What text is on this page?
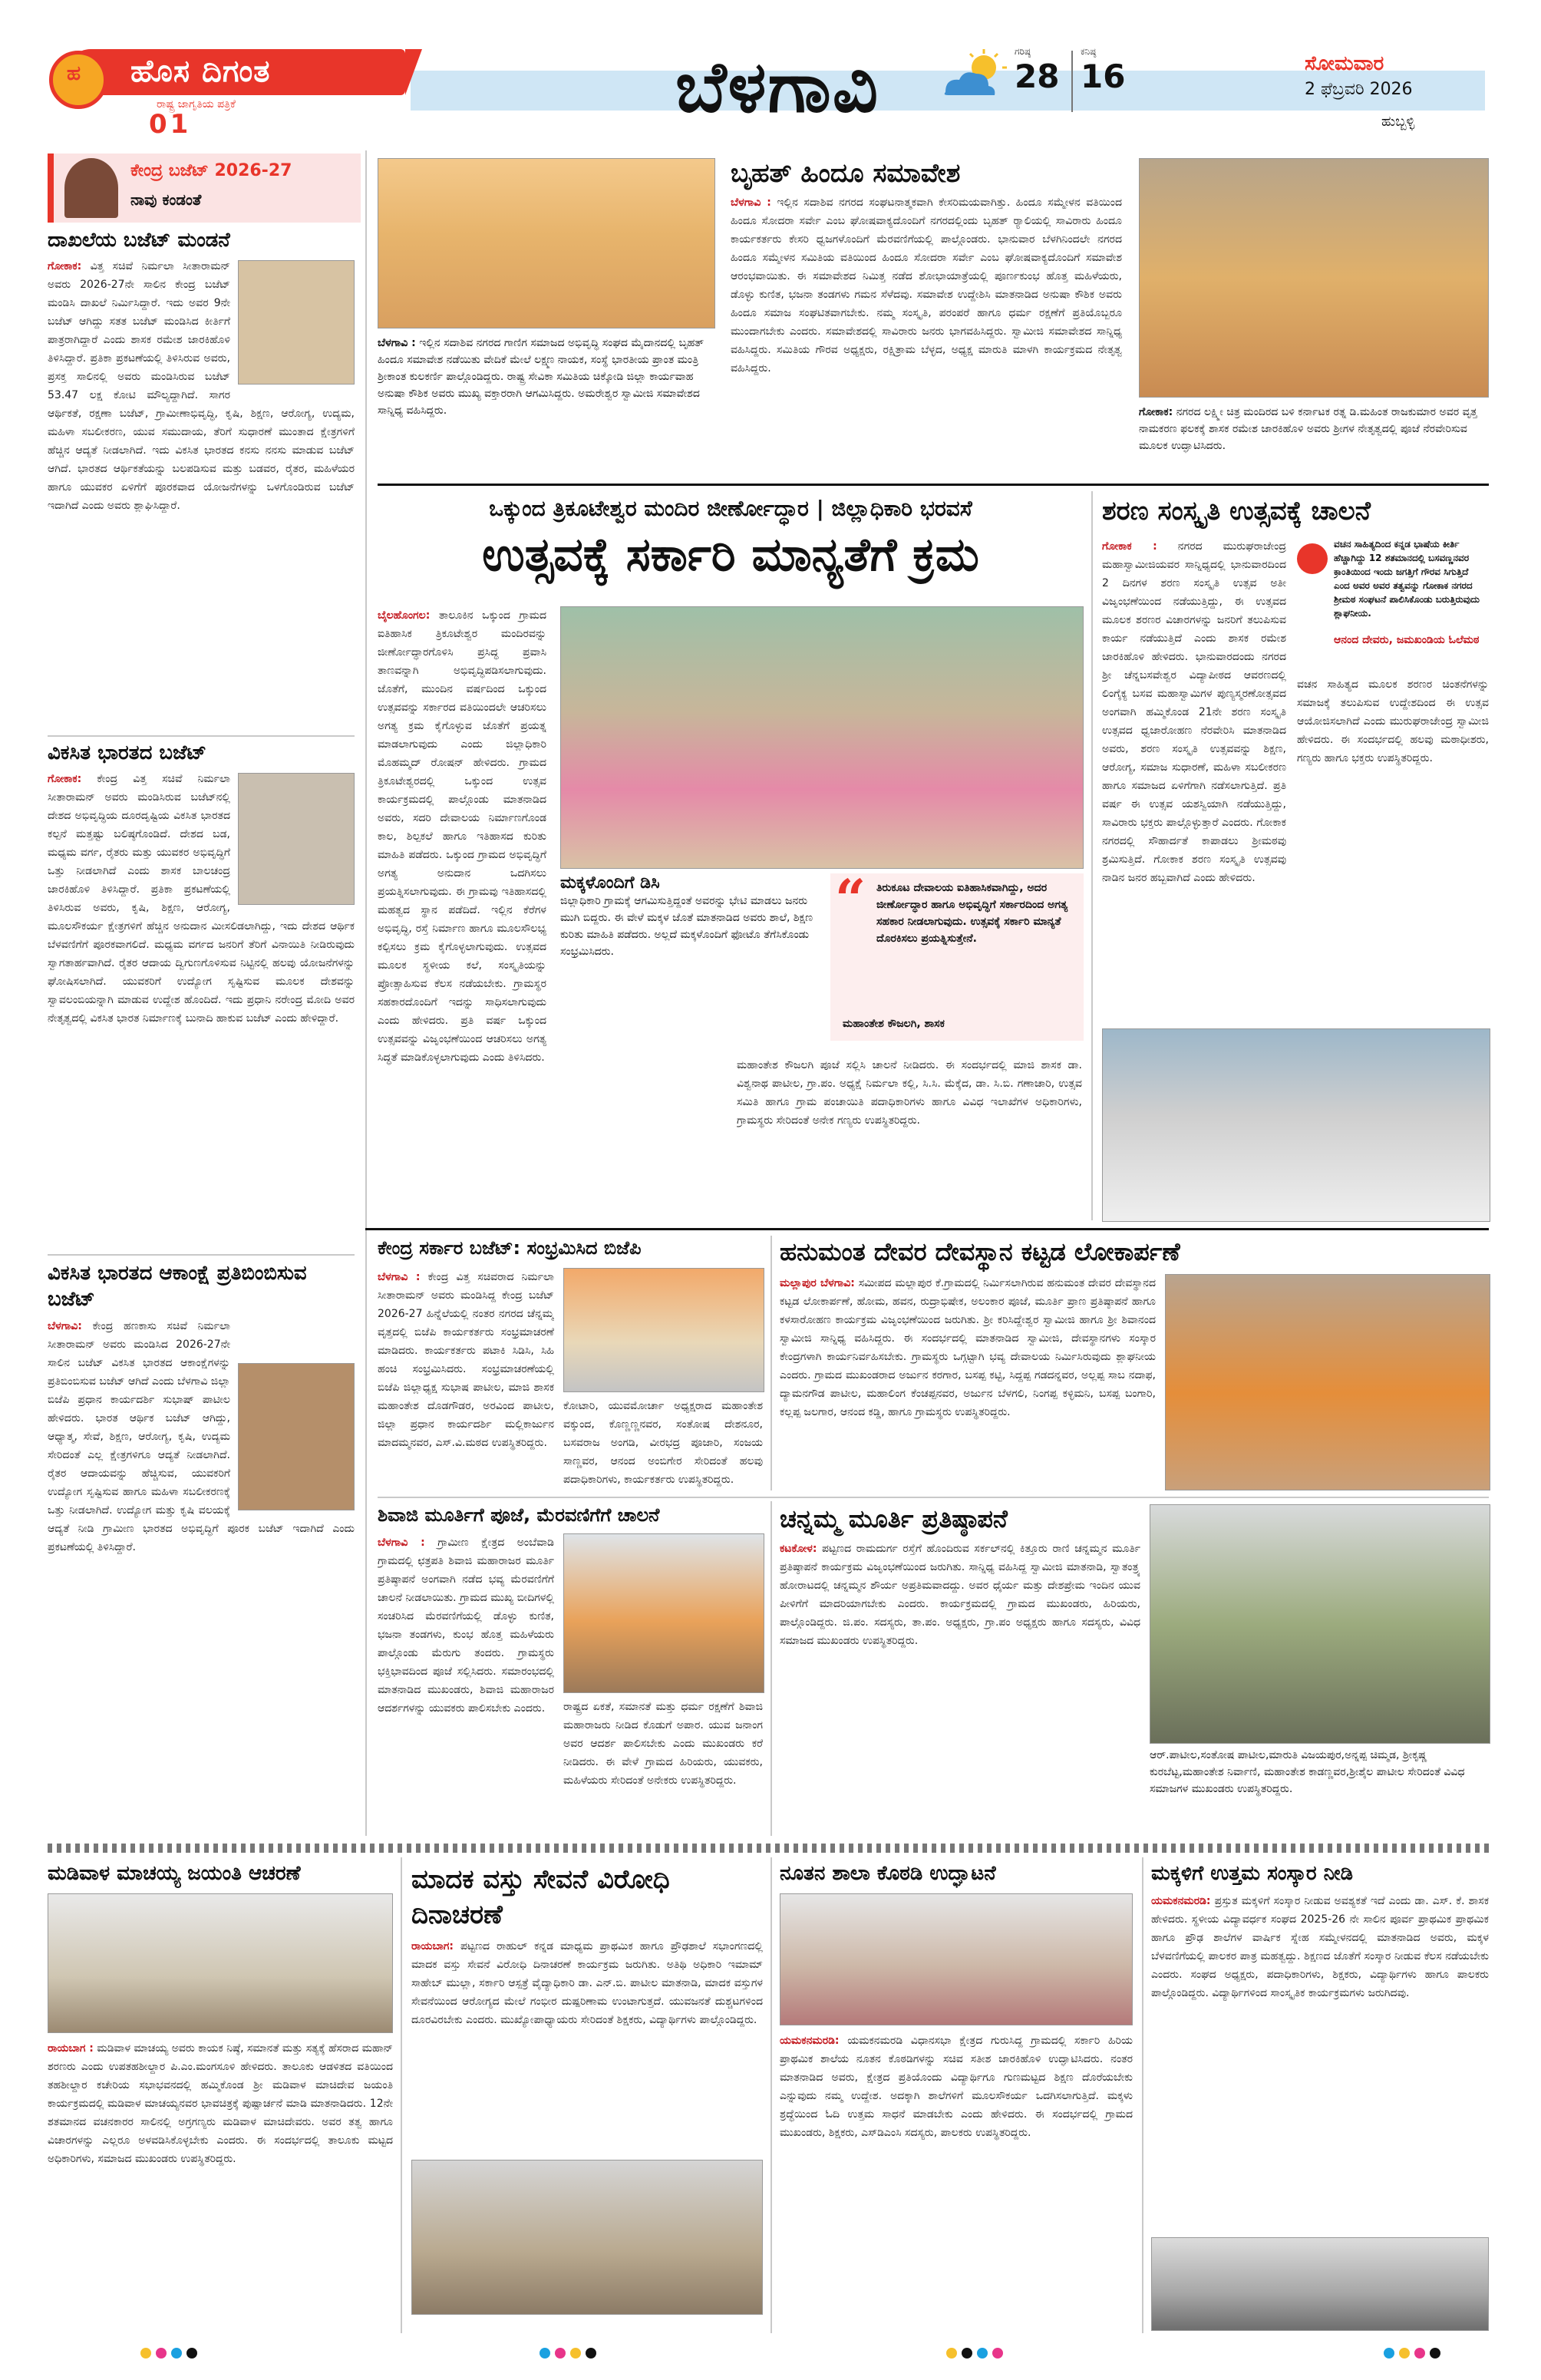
ಹ ಹೊಸ ದಿಗಂತ
ರಾಷ್ಟ್ರ ಜಾಗೃತಿಯ ಪತ್ರಿಕೆ
01	ಬೆಳಗಾವಿ	ಗರಿಷ್ಠ
28
ಕನಿಷ್ಠ
16	ಸೋಮವಾರ
2 ಫೆಬ್ರವರಿ 2026
ಹುಬ್ಬಳ್ಳಿ
ಕೇಂದ್ರ ಬಜೆಟ್ 2026-27
ನಾವು ಕಂಡಂತೆ
ದಾಖಲೆಯ ಬಜೆಟ್ ಮಂಡನೆ
ಗೋಕಾಕ: ವಿತ್ತ ಸಚಿವೆ ನಿರ್ಮಲಾ ಸೀತಾರಾಮನ್ ಅವರು 2026-27ನೇ ಸಾಲಿನ ಕೇಂದ್ರ ಬಜೆಟ್ ಮಂಡಿಸಿ ದಾಖಲೆ ನಿರ್ಮಿಸಿದ್ದಾರೆ. ಇದು ಅವರ 9ನೇ ಬಜೆಟ್ ಆಗಿದ್ದು ಸತತ ಬಜೆಟ್ ಮಂಡಿಸಿದ ಕೀರ್ತಿಗೆ ಪಾತ್ರರಾಗಿದ್ದಾರೆ ಎಂದು ಶಾಸಕ ರಮೇಶ ಜಾರಕಿಹೊಳಿ ತಿಳಿಸಿದ್ದಾರೆ. ಪ್ರತಿಕಾ ಪ್ರಕಟಣೆಯಲ್ಲಿ ತಿಳಿಸಿರುವ ಅವರು, ಪ್ರಸಕ್ತ ಸಾಲಿನಲ್ಲಿ ಅವರು ಮಂಡಿಸಿರುವ ಬಜೆಟ್ 53.47 ಲಕ್ಷ ಕೋಟಿ ಮೌಲ್ಯದ್ದಾಗಿದೆ. ಸಾಗರ ಆರ್ಥಿಕತೆ, ರಕ್ಷಣಾ ಬಜೆಟ್, ಗ್ರಾಮೀಣಾಭಿವೃದ್ಧಿ, ಕೃಷಿ, ಶಿಕ್ಷಣ, ಆರೋಗ್ಯ, ಉದ್ಯಮ, ಮಹಿಳಾ ಸಬಲೀಕರಣ, ಯುವ ಸಮುದಾಯ, ತೆರಿಗೆ ಸುಧಾರಣೆ ಮುಂತಾದ ಕ್ಷೇತ್ರಗಳಿಗೆ ಹೆಚ್ಚಿನ ಆದ್ಯತೆ ನೀಡಲಾಗಿದೆ. ಇದು ವಿಕಸಿತ ಭಾರತದ ಕನಸು ನನಸು ಮಾಡುವ ಬಜೆಟ್ ಆಗಿದೆ. ಭಾರತದ ಆರ್ಥಿಕತೆಯನ್ನು ಬಲಪಡಿಸುವ ಮತ್ತು ಬಡವರ, ರೈತರ, ಮಹಿಳೆಯರ ಹಾಗೂ ಯುವಕರ ಏಳಿಗೆಗೆ ಪೂರಕವಾದ ಯೋಜನೆಗಳನ್ನು ಒಳಗೊಂಡಿರುವ ಬಜೆಟ್ ಇದಾಗಿದೆ ಎಂದು ಅವರು ಶ್ಲಾಘಿಸಿದ್ದಾರೆ.
ವಿಕಸಿತ ಭಾರತದ ಬಜೆಟ್
ಗೋಕಾಕ: ಕೇಂದ್ರ ವಿತ್ತ ಸಚಿವೆ ನಿರ್ಮಲಾ ಸೀತಾರಾಮನ್ ಅವರು ಮಂಡಿಸಿರುವ ಬಜೆಟ್‌ನಲ್ಲಿ ದೇಶದ ಅಭಿವೃದ್ಧಿಯ ದೂರದೃಷ್ಟಿಯ ವಿಕಸಿತ ಭಾರತದ ಕಲ್ಪನೆ ಮತ್ತಷ್ಟು ಬಲಿಷ್ಠಗೊಂಡಿದೆ. ದೇಶದ ಬಡ, ಮಧ್ಯಮ ವರ್ಗ, ರೈತರು ಮತ್ತು ಯುವಕರ ಅಭಿವೃದ್ಧಿಗೆ ಒತ್ತು ನೀಡಲಾಗಿದೆ ಎಂದು ಶಾಸಕ ಬಾಲಚಂದ್ರ ಜಾರಕಿಹೊಳಿ ತಿಳಿಸಿದ್ದಾರೆ. ಪ್ರತಿಕಾ ಪ್ರಕಟಣೆಯಲ್ಲಿ ತಿಳಿಸಿರುವ ಅವರು, ಕೃಷಿ, ಶಿಕ್ಷಣ, ಆರೋಗ್ಯ, ಮೂಲಸೌಕರ್ಯ ಕ್ಷೇತ್ರಗಳಿಗೆ ಹೆಚ್ಚಿನ ಅನುದಾನ ಮೀಸಲಿಡಲಾಗಿದ್ದು, ಇದು ದೇಶದ ಆರ್ಥಿಕ ಬೆಳವಣಿಗೆಗೆ ಪೂರಕವಾಗಲಿದೆ. ಮಧ್ಯಮ ವರ್ಗದ ಜನರಿಗೆ ತೆರಿಗೆ ವಿನಾಯಿತಿ ನೀಡಿರುವುದು ಸ್ವಾಗತಾರ್ಹವಾಗಿದೆ. ರೈತರ ಆದಾಯ ದ್ವಿಗುಣಗೊಳಿಸುವ ನಿಟ್ಟಿನಲ್ಲಿ ಹಲವು ಯೋಜನೆಗಳನ್ನು ಘೋಷಿಸಲಾಗಿದೆ. ಯುವಕರಿಗೆ ಉದ್ಯೋಗ ಸೃಷ್ಟಿಸುವ ಮೂಲಕ ದೇಶವನ್ನು ಸ್ವಾವಲಂಬಿಯನ್ನಾಗಿ ಮಾಡುವ ಉದ್ದೇಶ ಹೊಂದಿದೆ. ಇದು ಪ್ರಧಾನಿ ನರೇಂದ್ರ ಮೋದಿ ಅವರ ನೇತೃತ್ವದಲ್ಲಿ ವಿಕಸಿತ ಭಾರತ ನಿರ್ಮಾಣಕ್ಕೆ ಬುನಾದಿ ಹಾಕುವ ಬಜೆಟ್ ಎಂದು ಹೇಳಿದ್ದಾರೆ.
ವಿಕಸಿತ ಭಾರತದ ಆಕಾಂಕ್ಷೆ ಪ್ರತಿಬಿಂಬಿಸುವ ಬಜೆಟ್
ಬೆಳಗಾವಿ: ಕೇಂದ್ರ ಹಣಕಾಸು ಸಚಿವೆ ನಿರ್ಮಲಾ ಸೀತಾರಾಮನ್ ಅವರು ಮಂಡಿಸಿದ 2026-27ನೇ ಸಾಲಿನ ಬಜೆಟ್ ವಿಕಸಿತ ಭಾರತದ ಆಕಾಂಕ್ಷೆಗಳನ್ನು ಪ್ರತಿಬಿಂಬಿಸುವ ಬಜೆಟ್ ಆಗಿದೆ ಎಂದು ಬೆಳಗಾವಿ ಜಿಲ್ಲಾ ಬಿಜೆಪಿ ಪ್ರಧಾನ ಕಾರ್ಯದರ್ಶಿ ಸುಭಾಷ್ ಪಾಟೀಲ ಹೇಳಿದರು. ಭಾರತ ಆರ್ಥಿಕ ಬಜೆಟ್ ಆಗಿದ್ದು, ಆಧ್ಯಾತ್ಮ, ಸೇವೆ, ಶಿಕ್ಷಣ, ಆರೋಗ್ಯ, ಕೃಷಿ, ಉದ್ಯಮ ಸೇರಿದಂತೆ ಎಲ್ಲ ಕ್ಷೇತ್ರಗಳಿಗೂ ಆದ್ಯತೆ ನೀಡಲಾಗಿದೆ. ರೈತರ ಆದಾಯವನ್ನು ಹೆಚ್ಚಿಸುವ, ಯುವಕರಿಗೆ ಉದ್ಯೋಗ ಸೃಷ್ಟಿಸುವ ಹಾಗೂ ಮಹಿಳಾ ಸಬಲೀಕರಣಕ್ಕೆ ಒತ್ತು ನೀಡಲಾಗಿದೆ. ಉದ್ಯೋಗ ಮತ್ತು ಕೃಷಿ ವಲಯಕ್ಕೆ ಆದ್ಯತೆ ನೀಡಿ ಗ್ರಾಮೀಣ ಭಾರತದ ಅಭಿವೃದ್ಧಿಗೆ ಪೂರಕ ಬಜೆಟ್ ಇದಾಗಿದೆ ಎಂದು ಪ್ರಕಟಣೆಯಲ್ಲಿ ತಿಳಿಸಿದ್ದಾರೆ.
ಬೆಳಗಾವಿ : ಇಲ್ಲಿನ ಸದಾಶಿವ ನಗರದ ಗಾಣಿಗ ಸಮಾಜದ ಅಭಿವೃದ್ಧಿ ಸಂಘದ ಮೈದಾನದಲ್ಲಿ ಬೃಹತ್ ಹಿಂದೂ ಸಮಾವೇಶ ನಡೆಯಿತು ವೇದಿಕೆ ಮೇಲೆ ಲಕ್ಷ್ಮಣ ನಾಯಕ, ಸಂಸ್ಥೆ ಭಾರತೀಯ ಪ್ರಾಂತ ಮಂತ್ರಿ ಶ್ರೀಕಾಂತ ಕುಲಕರ್ಣಿ ಪಾಲ್ಗೊಂಡಿದ್ದರು. ರಾಷ್ಟ್ರ ಸೇವಿಕಾ ಸಮಿತಿಯ ಚಿಕ್ಕೋಡಿ ಜಿಲ್ಲಾ ಕಾರ್ಯವಾಹ ಅನುಷಾ ಕೌಶಿಕ ಅವರು ಮುಖ್ಯ ವಕ್ತಾರರಾಗಿ ಆಗಮಿಸಿದ್ದರು. ಅಮರೇಶ್ವರ ಸ್ವಾಮೀಜಿ ಸಮಾವೇಶದ ಸಾನ್ನಿಧ್ಯ ವಹಿಸಿದ್ದರು.
ಬೃಹತ್ ಹಿಂದೂ ಸಮಾವೇಶ
ಬೆಳಗಾವಿ : ಇಲ್ಲಿನ ಸದಾಶಿವ ನಗರದ ಸಂಘಟನಾತ್ಮಕವಾಗಿ ಕೇಸರಿಮಯವಾಗಿತ್ತು. ಹಿಂದೂ ಸಮ್ಮೇಳನ ವತಿಯಿಂದ ಹಿಂದೂ ಸೋದರಾ ಸರ್ವೇ ಎಂಬ ಘೋಷವಾಕ್ಯದೊಂದಿಗೆ ನಗರದಲ್ಲಿಂದು ಬೃಹತ್ ರ್‍ಯಾಲಿಯಲ್ಲಿ ಸಾವಿರಾರು ಹಿಂದೂ ಕಾರ್ಯಕರ್ತರು ಕೇಸರಿ ಧ್ವಜಗಳೊಂದಿಗೆ ಮೆರವಣಿಗೆಯಲ್ಲಿ ಪಾಲ್ಗೊಂಡರು. ಭಾನುವಾರ ಬೆಳಗಿನಿಂದಲೇ ನಗರದ ಹಿಂದೂ ಸಮ್ಮೇಳನ ಸಮಿತಿಯ ವತಿಯಿಂದ ಹಿಂದೂ ಸೋದರಾ ಸರ್ವೇ ಎಂಬ ಘೋಷವಾಕ್ಯದೊಂದಿಗೆ ಸಮಾವೇಶ ಆರಂಭವಾಯಿತು. ಈ ಸಮಾವೇಶದ ನಿಮಿತ್ತ ನಡೆದ ಶೋಭಾಯಾತ್ರೆಯಲ್ಲಿ ಪೂರ್ಣಕುಂಭ ಹೊತ್ತ ಮಹಿಳೆಯರು, ಡೊಳ್ಳು ಕುಣಿತ, ಭಜನಾ ತಂಡಗಳು ಗಮನ ಸೆಳೆದವು. ಸಮಾವೇಶ ಉದ್ದೇಶಿಸಿ ಮಾತನಾಡಿದ ಅನುಷಾ ಕೌಶಿಕ ಅವರು ಹಿಂದೂ ಸಮಾಜ ಸಂಘಟಿತವಾಗಬೇಕು. ನಮ್ಮ ಸಂಸ್ಕೃತಿ, ಪರಂಪರೆ ಹಾಗೂ ಧರ್ಮ ರಕ್ಷಣೆಗೆ ಪ್ರತಿಯೊಬ್ಬರೂ ಮುಂದಾಗಬೇಕು ಎಂದರು. ಸಮಾವೇಶದಲ್ಲಿ ಸಾವಿರಾರು ಜನರು ಭಾಗವಹಿಸಿದ್ದರು. ಸ್ವಾಮೀಜಿ ಸಮಾವೇಶದ ಸಾನ್ನಿಧ್ಯ ವಹಿಸಿದ್ದರು. ಸಮಿತಿಯ ಗೌರವ ಅಧ್ಯಕ್ಷರು, ರಕ್ಷಿತ್ರಾಮ ಬೆಳ್ಳದ, ಅಧ್ಯಕ್ಷ ಮಾರುತಿ ಮಾಳಗಿ ಕಾರ್ಯಕ್ರಮದ ನೇತೃತ್ವ ವಹಿಸಿದ್ದರು.
ಗೋಕಾಕ: ನಗರದ ಲಕ್ಷ್ಮೀ ಚಿತ್ರ ಮಂದಿರದ ಬಳಿ ಕರ್ನಾಟಕ ರತ್ನ ಡಿ.ಮಹಿಂತ ರಾಜಕುಮಾರ ಅವರ ವೃತ್ತ ನಾಮಕರಣ ಫಲಕಕ್ಕೆ ಶಾಸಕ ರಮೇಶ ಜಾರಕಿಹೊಳಿ ಅವರು ಶ್ರೀಗಳ ನೇತೃತ್ವದಲ್ಲಿ ಪೂಜೆ ನೆರವೇರಿಸುವ ಮೂಲಕ ಉದ್ಘಾಟಿಸಿದರು.
ಒಕ್ಕುಂದ ತ್ರಿಕೂಟೇಶ್ವರ ಮಂದಿರ ಜೀರ್ಣೋದ್ಧಾರ | ಜಿಲ್ಲಾಧಿಕಾರಿ ಭರವಸೆ
ಉತ್ಸವಕ್ಕೆ ಸರ್ಕಾರಿ ಮಾನ್ಯತೆಗೆ ಕ್ರಮ
ಬೈಲಹೊಂಗಲ: ತಾಲೂಕಿನ ಒಕ್ಕುಂದ ಗ್ರಾಮದ ಐತಿಹಾಸಿಕ ತ್ರಿಕೂಟೇಶ್ವರ ಮಂದಿರವನ್ನು ಜೀರ್ಣೋದ್ಧಾರಗೊಳಿಸಿ ಪ್ರಸಿದ್ಧ ಪ್ರವಾಸಿ ತಾಣವನ್ನಾಗಿ ಅಭಿವೃದ್ಧಿಪಡಿಸಲಾಗುವುದು. ಜೊತೆಗೆ, ಮುಂದಿನ ವರ್ಷದಿಂದ ಒಕ್ಕುಂದ ಉತ್ಸವವನ್ನು ಸರ್ಕಾರದ ವತಿಯಿಂದಲೇ ಆಚರಿಸಲು ಅಗತ್ಯ ಕ್ರಮ ಕೈಗೊಳ್ಳುವ ಜೊತೆಗೆ ಪ್ರಯತ್ನ ಮಾಡಲಾಗುವುದು ಎಂದು ಜಿಲ್ಲಾಧಿಕಾರಿ ಮೊಹಮ್ಮದ್ ರೋಷನ್ ಹೇಳಿದರು. ಗ್ರಾಮದ ತ್ರಿಕೂಟೇಶ್ವರದಲ್ಲಿ ಒಕ್ಕುಂದ ಉತ್ಸವ ಕಾರ್ಯಕ್ರಮದಲ್ಲಿ ಪಾಲ್ಗೊಂಡು ಮಾತನಾಡಿದ ಅವರು, ಸದರಿ ದೇವಾಲಯ ನಿರ್ಮಾಣಗೊಂಡ ಕಾಲ, ಶಿಲ್ಪಕಲೆ ಹಾಗೂ ಇತಿಹಾಸದ ಕುರಿತು ಮಾಹಿತಿ ಪಡೆದರು. ಒಕ್ಕುಂದ ಗ್ರಾಮದ ಅಭಿವೃದ್ಧಿಗೆ ಅಗತ್ಯ ಅನುದಾನ ಒದಗಿಸಲು ಪ್ರಯತ್ನಿಸಲಾಗುವುದು. ಈ ಗ್ರಾಮವು ಇತಿಹಾಸದಲ್ಲಿ ಮಹತ್ವದ ಸ್ಥಾನ ಪಡೆದಿದೆ. ಇಲ್ಲಿನ ಕೆರೆಗಳ ಅಭಿವೃದ್ಧಿ, ರಸ್ತೆ ನಿರ್ಮಾಣ ಹಾಗೂ ಮೂಲಸೌಲಭ್ಯ ಕಲ್ಪಿಸಲು ಕ್ರಮ ಕೈಗೊಳ್ಳಲಾಗುವುದು. ಉತ್ಸವದ ಮೂಲಕ ಸ್ಥಳೀಯ ಕಲೆ, ಸಂಸ್ಕೃತಿಯನ್ನು ಪ್ರೋತ್ಸಾಹಿಸುವ ಕೆಲಸ ನಡೆಯಬೇಕು. ಗ್ರಾಮಸ್ಥರ ಸಹಕಾರದೊಂದಿಗೆ ಇದನ್ನು ಸಾಧಿಸಲಾಗುವುದು ಎಂದು ಹೇಳಿದರು. ಪ್ರತಿ ವರ್ಷ ಒಕ್ಕುಂದ ಉತ್ಸವವನ್ನು ವಿಜೃಂಭಣೆಯಿಂದ ಆಚರಿಸಲು ಅಗತ್ಯ ಸಿದ್ಧತೆ ಮಾಡಿಕೊಳ್ಳಲಾಗುವುದು ಎಂದು ತಿಳಿಸಿದರು.
ಮಕ್ಕಳೊಂದಿಗೆ ಡಿಸಿ
ಜಿಲ್ಲಾಧಿಕಾರಿ ಗ್ರಾಮಕ್ಕೆ ಆಗಮಿಸುತ್ತಿದ್ದಂತೆ ಅವರನ್ನು ಭೇಟಿ ಮಾಡಲು ಜನರು ಮುಗಿ ಬಿದ್ದರು. ಈ ವೇಳೆ ಮಕ್ಕಳ ಜೊತೆ ಮಾತನಾಡಿದ ಅವರು ಶಾಲೆ, ಶಿಕ್ಷಣ ಕುರಿತು ಮಾಹಿತಿ ಪಡೆದರು. ಅಲ್ಲದೆ ಮಕ್ಕಳೊಂದಿಗೆ ಫೋಟೊ ತೆಗೆಸಿಕೊಂಡು ಸಂಭ್ರಮಿಸಿದರು.
“ ತಿರುಕೂಟ ದೇವಾಲಯ ಐತಿಹಾಸಿಕವಾಗಿದ್ದು, ಅದರ ಜೀರ್ಣೋದ್ಧಾರ ಹಾಗೂ ಅಭಿವೃದ್ಧಿಗೆ ಸರ್ಕಾರದಿಂದ ಅಗತ್ಯ ಸಹಕಾರ ನೀಡಲಾಗುವುದು. ಉತ್ಸವಕ್ಕೆ ಸರ್ಕಾರಿ ಮಾನ್ಯತೆ ದೊರಕಿಸಲು ಪ್ರಯತ್ನಿಸುತ್ತೇನೆ.
ಮಹಾಂತೇಶ ಕೌಜಲಗಿ, ಶಾಸಕ
ಮಹಾಂತೇಶ ಕೌಜಲಗಿ ಪೂಜೆ ಸಲ್ಲಿಸಿ ಚಾಲನೆ ನೀಡಿದರು. ಈ ಸಂದರ್ಭದಲ್ಲಿ ಮಾಜಿ ಶಾಸಕ ಡಾ. ವಿಶ್ವನಾಥ ಪಾಟೀಲ, ಗ್ರಾ.ಪಂ. ಅಧ್ಯಕ್ಷೆ ನಿರ್ಮಲಾ ಕಲ್ಲಿ, ಸಿ.ಸಿ. ಮೆಕ್ಕೆದ, ಡಾ. ಸಿ.ಬಿ. ಗಣಾಚಾರಿ, ಉತ್ಸವ ಸಮಿತಿ ಹಾಗೂ ಗ್ರಾಮ ಪಂಚಾಯಿತಿ ಪದಾಧಿಕಾರಿಗಳು ಹಾಗೂ ವಿವಿಧ ಇಲಾಖೆಗಳ ಅಧಿಕಾರಿಗಳು, ಗ್ರಾಮಸ್ಥರು ಸೇರಿದಂತೆ ಅನೇಕ ಗಣ್ಯರು ಉಪಸ್ಥಿತರಿದ್ದರು.
ಶರಣ ಸಂಸ್ಕೃತಿ ಉತ್ಸವಕ್ಕೆ ಚಾಲನೆ
ಗೋಕಾಕ : ನಗರದ ಮುರುಘರಾಜೇಂದ್ರ ಮಹಾಸ್ವಾಮೀಜಿಯವರ ಸಾನ್ನಿಧ್ಯದಲ್ಲಿ ಭಾನುವಾರದಿಂದ 2 ದಿನಗಳ ಶರಣ ಸಂಸ್ಕೃತಿ ಉತ್ಸವ ಅತೀ ವಿಜೃಂಭಣೆಯಿಂದ ನಡೆಯುತ್ತಿದ್ದು, ಈ ಉತ್ಸವದ ಮೂಲಕ ಶರಣರ ವಿಚಾರಗಳನ್ನು ಜನರಿಗೆ ತಲುಪಿಸುವ ಕಾರ್ಯ ನಡೆಯುತ್ತಿದೆ ಎಂದು ಶಾಸಕ ರಮೇಶ ಜಾರಕಿಹೊಳಿ ಹೇಳಿದರು. ಭಾನುವಾರದಂದು ನಗರದ ಶ್ರೀ ಚೆನ್ನಬಸವೇಶ್ವರ ವಿದ್ಯಾಪೀಠದ ಆವರಣದಲ್ಲಿ ಲಿಂಗೈಕ್ಯ ಬಸವ ಮಹಾಸ್ವಾಮಿಗಳ ಪುಣ್ಯಸ್ಮರಣೋತ್ಸವದ ಅಂಗವಾಗಿ ಹಮ್ಮಿಕೊಂಡ 21ನೇ ಶರಣ ಸಂಸ್ಕೃತಿ ಉತ್ಸವದ ಧ್ವಜಾರೋಹಣ ನೆರವೇರಿಸಿ ಮಾತನಾಡಿದ ಅವರು, ಶರಣ ಸಂಸ್ಕೃತಿ ಉತ್ಸವವನ್ನು ಶಿಕ್ಷಣ, ಆರೋಗ್ಯ, ಸಮಾಜ ಸುಧಾರಣೆ, ಮಹಿಳಾ ಸಬಲೀಕರಣ ಹಾಗೂ ಸಮಾಜದ ಏಳಿಗೆಗಾಗಿ ನಡೆಸಲಾಗುತ್ತಿದೆ. ಪ್ರತಿ ವರ್ಷ ಈ ಉತ್ಸವ ಯಶಸ್ವಿಯಾಗಿ ನಡೆಯುತ್ತಿದ್ದು, ಸಾವಿರಾರು ಭಕ್ತರು ಪಾಲ್ಗೊಳ್ಳುತ್ತಾರೆ ಎಂದರು. ಗೋಕಾಕ ನಗರದಲ್ಲಿ ಸೌಹಾರ್ದತೆ ಕಾಪಾಡಲು ಶ್ರೀಮಠವು ಶ್ರಮಿಸುತ್ತಿದೆ. ಗೋಕಾಕ ಶರಣ ಸಂಸ್ಕೃತಿ ಉತ್ಸವವು ನಾಡಿನ ಜನರ ಹಬ್ಬವಾಗಿದೆ ಎಂದು ಹೇಳಿದರು.
ವಚನ ಸಾಹಿತ್ಯದಿಂದ ಕನ್ನಡ ಭಾಷೆಯ ಕೀರ್ತಿ ಹೆಚ್ಚಾಗಿದ್ದು 12 ಶತಮಾನದಲ್ಲಿ ಬಸವಣ್ಣನವರ ಕ್ರಾಂತಿಯಿಂದ ಇಂದು ಜಗತ್ತಿಗೆ ಗೌರವ ಸಿಗುತ್ತಿದೆ ಎಂದ ಅವರ ಅವರ ತತ್ವವನ್ನು ಗೋಕಾಕ ನಗರದ ಶ್ರೀಮಠ ಸಂಘಟನೆ ಪಾಲಿಸಿಕೊಂಡು ಬರುತ್ತಿರುವುದು ಶ್ಲಾಘನೀಯ.
ಆನಂದ ದೇವರು, ಜಮಖಂಡಿಯ ಓಲೆಮಠ
ವಚನ ಸಾಹಿತ್ಯದ ಮೂಲಕ ಶರಣರ ಚಿಂತನೆಗಳನ್ನು ಸಮಾಜಕ್ಕೆ ತಲುಪಿಸುವ ಉದ್ದೇಶದಿಂದ ಈ ಉತ್ಸವ ಆಯೋಜಿಸಲಾಗಿದೆ ಎಂದು ಮುರುಘರಾಜೇಂದ್ರ ಸ್ವಾಮೀಜಿ ಹೇಳಿದರು. ಈ ಸಂದರ್ಭದಲ್ಲಿ ಹಲವು ಮಠಾಧೀಶರು, ಗಣ್ಯರು ಹಾಗೂ ಭಕ್ತರು ಉಪಸ್ಥಿತರಿದ್ದರು.
ಕೇಂದ್ರ ಸರ್ಕಾರ ಬಜೆಟ್: ಸಂಭ್ರಮಿಸಿದ ಬಿಜೆಪಿ
ಬೆಳಗಾವಿ : ಕೇಂದ್ರ ವಿತ್ತ ಸಚಿವರಾದ ನಿರ್ಮಲಾ ಸೀತಾರಾಮನ್ ಅವರು ಮಂಡಿಸಿದ್ದ ಕೇಂದ್ರ ಬಜೆಟ್ 2026-27 ಹಿನ್ನೆಲೆಯಲ್ಲಿ ನಂತರ ನಗರದ ಚೆನ್ನಮ್ಮ ವೃತ್ತದಲ್ಲಿ ಬಿಜೆಪಿ ಕಾರ್ಯಕರ್ತರು ಸಂಭ್ರಮಾಚರಣೆ ಮಾಡಿದರು. ಕಾರ್ಯಕರ್ತರು ಪಟಾಕಿ ಸಿಡಿಸಿ, ಸಿಹಿ ಹಂಚಿ ಸಂಭ್ರಮಿಸಿದರು. ಸಂಭ್ರಮಾಚರಣೆಯಲ್ಲಿ ಬಿಜೆಪಿ ಜಿಲ್ಲಾಧ್ಯಕ್ಷ ಸುಭಾಷ ಪಾಟೀಲ, ಮಾಜಿ ಶಾಸಕ ಮಹಾಂತೇಶ ದೊಡಗೌಡರ, ಅರವಿಂದ ಪಾಟೀಲ, ಜಿಲ್ಲಾ ಪ್ರಧಾನ ಕಾರ್ಯದರ್ಶಿ ಮಲ್ಲಿಕಾರ್ಜುನ ಮಾದಮ್ಮನವರ, ಎಸ್.ವಿ.ಮಠದ ಉಪಸ್ಥಿತರಿದ್ದರು.
ಕೋಟಾರಿ, ಯುವಮೋರ್ಚಾ ಅಧ್ಯಕ್ಷರಾದ ಮಹಾಂತೇಶ ವಕ್ಕುಂದ, ಕೊಣ್ಣಣ್ಣನವರ, ಸಂತೋಷ ದೇಶನೂರ, ಬಸವರಾಜ ಅಂಗಡಿ, ವೀರಭದ್ರ ಪೂಜಾರಿ, ಸಂಜಯ ಸಾಣ್ಣವರ, ಆನಂದ ಅಂಬಿಗೇರ ಸೇರಿದಂತೆ ಹಲವು ಪದಾಧಿಕಾರಿಗಳು, ಕಾರ್ಯಕರ್ತರು ಉಪಸ್ಥಿತರಿದ್ದರು.
ಹನುಮಂತ ದೇವರ ದೇವಸ್ಥಾನ ಕಟ್ಟಡ ಲೋಕಾರ್ಪಣೆ
ಮಲ್ಲಾಪುರ ಬೆಳಗಾವಿ: ಸಮೀಪದ ಮಲ್ಲಾಪುರ ಕೆ.ಗ್ರಾಮದಲ್ಲಿ ನಿರ್ಮಿಸಲಾಗಿರುವ ಹನುಮಂತ ದೇವರ ದೇವಸ್ಥಾನದ ಕಟ್ಟಡ ಲೋಕಾರ್ಪಣೆ, ಹೋಮ, ಹವನ, ರುದ್ರಾಭಿಷೇಕ, ಅಲಂಕಾರ ಪೂಜೆ, ಮೂರ್ತಿ ಪ್ರಾಣ ಪ್ರತಿಷ್ಠಾಪನೆ ಹಾಗೂ ಕಳಸಾರೋಹಣ ಕಾರ್ಯಕ್ರಮ ವಿಜೃಂಭಣೆಯಿಂದ ಜರುಗಿತು. ಶ್ರೀ ಕರಿಸಿದ್ದೇಶ್ವರ ಸ್ವಾಮೀಜಿ ಹಾಗೂ ಶ್ರೀ ಶಿವಾನಂದ ಸ್ವಾಮೀಜಿ ಸಾನ್ನಿಧ್ಯ ವಹಿಸಿದ್ದರು. ಈ ಸಂದರ್ಭದಲ್ಲಿ ಮಾತನಾಡಿದ ಸ್ವಾಮೀಜಿ, ದೇವಸ್ಥಾನಗಳು ಸಂಸ್ಕಾರ ಕೇಂದ್ರಗಳಾಗಿ ಕಾರ್ಯನಿರ್ವಹಿಸಬೇಕು. ಗ್ರಾಮಸ್ಥರು ಒಗ್ಗಟ್ಟಾಗಿ ಭವ್ಯ ದೇವಾಲಯ ನಿರ್ಮಿಸಿರುವುದು ಶ್ಲಾಘನೀಯ ಎಂದರು. ಗ್ರಾಮದ ಮುಖಂಡರಾದ ಅರ್ಜುನ ಕರಗಾರ, ಬಸಪ್ಪ ಕಟ್ಟಿ, ಸಿದ್ದಪ್ಪ ಗಡದನ್ನವರ, ಅಲ್ಲಪ್ಪ ಸಾಬ ನದಾಫ, ದ್ಯಾಮನಗೌಡ ಪಾಟೀಲ, ಮಹಾಲಿಂಗ ಕೆಂಚಪ್ಪನವರ, ಅರ್ಜುನ ಬೆಳಗಲಿ, ನಿಂಗಪ್ಪ ಕಳ್ಳಿಮನಿ, ಬಸಪ್ಪ ಬಂಗಾರಿ, ಕಲ್ಲಪ್ಪ ಜಲಗಾರ, ಆನಂದ ಕಡ್ಡಿ, ಹಾಗೂ ಗ್ರಾಮಸ್ಥರು ಉಪಸ್ಥಿತರಿದ್ದರು.
ಶಿವಾಜಿ ಮೂರ್ತಿಗೆ ಪೂಜೆ, ಮೆರವಣಿಗೆಗೆ ಚಾಲನೆ
ಬೆಳಗಾವಿ : ಗ್ರಾಮೀಣ ಕ್ಷೇತ್ರದ ಅಂಬೆವಾಡಿ ಗ್ರಾಮದಲ್ಲಿ ಛತ್ರಪತಿ ಶಿವಾಜಿ ಮಹಾರಾಜರ ಮೂರ್ತಿ ಪ್ರತಿಷ್ಠಾಪನೆ ಅಂಗವಾಗಿ ನಡೆದ ಭವ್ಯ ಮೆರವಣಿಗೆಗೆ ಚಾಲನೆ ನೀಡಲಾಯಿತು. ಗ್ರಾಮದ ಮುಖ್ಯ ಬೀದಿಗಳಲ್ಲಿ ಸಂಚರಿಸಿದ ಮೆರವಣಿಗೆಯಲ್ಲಿ ಡೊಳ್ಳು ಕುಣಿತ, ಭಜನಾ ತಂಡಗಳು, ಕುಂಭ ಹೊತ್ತ ಮಹಿಳೆಯರು ಪಾಲ್ಗೊಂಡು ಮೆರುಗು ತಂದರು. ಗ್ರಾಮಸ್ಥರು ಭಕ್ತಿಭಾವದಿಂದ ಪೂಜೆ ಸಲ್ಲಿಸಿದರು. ಸಮಾರಂಭದಲ್ಲಿ ಮಾತನಾಡಿದ ಮುಖಂಡರು, ಶಿವಾಜಿ ಮಹಾರಾಜರ ಆದರ್ಶಗಳನ್ನು ಯುವಕರು ಪಾಲಿಸಬೇಕು ಎಂದರು.	ರಾಷ್ಟ್ರದ ಏಕತೆ, ಸಮಾನತೆ ಮತ್ತು ಧರ್ಮ ರಕ್ಷಣೆಗೆ ಶಿವಾಜಿ ಮಹಾರಾಜರು ನೀಡಿದ ಕೊಡುಗೆ ಅಪಾರ. ಯುವ ಜನಾಂಗ ಅವರ ಆದರ್ಶ ಪಾಲಿಸಬೇಕು ಎಂದು ಮುಖಂಡರು ಕರೆ ನೀಡಿದರು. ಈ ವೇಳೆ ಗ್ರಾಮದ ಹಿರಿಯರು, ಯುವಕರು, ಮಹಿಳೆಯರು ಸೇರಿದಂತೆ ಅನೇಕರು ಉಪಸ್ಥಿತರಿದ್ದರು.
ಚನ್ನಮ್ಮ ಮೂರ್ತಿ ಪ್ರತಿಷ್ಠಾಪನೆ
ಕಟಕೋಳ: ಪಟ್ಟಣದ ರಾಮದುರ್ಗ ರಸ್ತೆಗೆ ಹೊಂದಿರುವ ಸರ್ಕಲ್‌ನಲ್ಲಿ ಕಿತ್ತೂರು ರಾಣಿ ಚನ್ನಮ್ಮನ ಮೂರ್ತಿ ಪ್ರತಿಷ್ಠಾಪನೆ ಕಾರ್ಯಕ್ರಮ ವಿಜೃಂಭಣೆಯಿಂದ ಜರುಗಿತು. ಸಾನ್ನಿಧ್ಯ ವಹಿಸಿದ್ದ ಸ್ವಾಮೀಜಿ ಮಾತನಾಡಿ, ಸ್ವಾತಂತ್ರ್ಯ ಹೋರಾಟದಲ್ಲಿ ಚನ್ನಮ್ಮನ ಶೌರ್ಯ ಅಪ್ರತಿಮವಾದದ್ದು. ಅವರ ಧೈರ್ಯ ಮತ್ತು ದೇಶಪ್ರೇಮ ಇಂದಿನ ಯುವ ಪೀಳಿಗೆಗೆ ಮಾದರಿಯಾಗಬೇಕು ಎಂದರು. ಕಾರ್ಯಕ್ರಮದಲ್ಲಿ ಗ್ರಾಮದ ಮುಖಂಡರು, ಹಿರಿಯರು, ಪಾಲ್ಗೊಂಡಿದ್ದರು. ಜಿ.ಪಂ. ಸದಸ್ಯರು, ತಾ.ಪಂ. ಅಧ್ಯಕ್ಷರು, ಗ್ರಾ.ಪಂ ಅಧ್ಯಕ್ಷರು ಹಾಗೂ ಸದಸ್ಯರು, ವಿವಿಧ ಸಮಾಜದ ಮುಖಂಡರು ಉಪಸ್ಥಿತರಿದ್ದರು.
ಆರ್.ಪಾಟೀಲ,ಸಂತೋಷ ಪಾಟೀಲ,ಮಾರುತಿ ವಿಜಯಪುರ,ಅನ್ನಪ್ಪ ಚಿಮ್ಮಡ, ಶ್ರೀಕೃಷ್ಣ ಕುರಬೆಟ್ಟ,ಮಹಾಂತೇಶ ನಿರ್ವಾಣಿ, ಮಹಾಂತೇಶ ಕಾಡಣ್ಣವರ,ಶ್ರೀಶೈಲ ಪಾಟೀಲ ಸೇರಿದಂತೆ ವಿವಿಧ ಸಮಾಜಗಳ ಮುಖಂಡರು ಉಪಸ್ಥಿತರಿದ್ದರು.
ಮಡಿವಾಳ ಮಾಚಯ್ಯ ಜಯಂತಿ ಆಚರಣೆ
ರಾಯಬಾಗ : ಮಡಿವಾಳ ಮಾಚಯ್ಯ ಅವರು ಕಾಯಕ ನಿಷ್ಠೆ, ಸಮಾನತೆ ಮತ್ತು ಸತ್ಯಕ್ಕೆ ಹೆಸರಾದ ಮಹಾನ್ ಶರಣರು ಎಂದು ಉಪತಹಶೀಲ್ದಾರ ಪಿ.ಎಂ.ಮಂಗಸೂಳಿ ಹೇಳಿದರು. ತಾಲೂಕು ಆಡಳಿತದ ವತಿಯಿಂದ ತಹಶೀಲ್ದಾರ ಕಚೇರಿಯ ಸಭಾಭವನದಲ್ಲಿ ಹಮ್ಮಿಕೊಂಡ ಶ್ರೀ ಮಡಿವಾಳ ಮಾಚಿದೇವ ಜಯಂತಿ ಕಾರ್ಯಕ್ರಮದಲ್ಲಿ ಮಡಿವಾಳ ಮಾಚಯ್ಯನವರ ಭಾವಚಿತ್ರಕ್ಕೆ ಪುಷ್ಪಾರ್ಚನೆ ಮಾಡಿ ಮಾತನಾಡಿದರು. 12ನೇ ಶತಮಾನದ ವಚನಕಾರರ ಸಾಲಿನಲ್ಲಿ ಅಗ್ರಗಣ್ಯರು ಮಡಿವಾಳ ಮಾಚಿದೇವರು. ಅವರ ತತ್ವ ಹಾಗೂ ವಿಚಾರಗಳನ್ನು ಎಲ್ಲರೂ ಅಳವಡಿಸಿಕೊಳ್ಳಬೇಕು ಎಂದರು. ಈ ಸಂದರ್ಭದಲ್ಲಿ ತಾಲೂಕು ಮಟ್ಟದ ಅಧಿಕಾರಿಗಳು, ಸಮಾಜದ ಮುಖಂಡರು ಉಪಸ್ಥಿತರಿದ್ದರು.
ಮಾದಕ ವಸ್ತು ಸೇವನೆ ವಿರೋಧಿ ದಿನಾಚರಣೆ
ರಾಯಬಾಗ: ಪಟ್ಟಣದ ರಾಹುಲ್ ಕನ್ನಡ ಮಾಧ್ಯಮ ಪ್ರಾಥಮಿಕ ಹಾಗೂ ಪ್ರೌಢಶಾಲೆ ಸಭಾಂಗಣದಲ್ಲಿ ಮಾದಕ ವಸ್ತು ಸೇವನೆ ವಿರೋಧಿ ದಿನಾಚರಣೆ ಕಾರ್ಯಕ್ರಮ ಜರುಗಿತು. ಅತಿಥಿ ಅಧಿಕಾರಿ ಇಮಾಮ್ ಸಾಹೇಬ್ ಮುಲ್ಲಾ, ಸರ್ಕಾರಿ ಆಸ್ಪತ್ರೆ ವೈದ್ಯಾಧಿಕಾರಿ ಡಾ. ಎನ್.ಬಿ. ಪಾಟೀಲ ಮಾತನಾಡಿ, ಮಾದಕ ವಸ್ತುಗಳ ಸೇವನೆಯಿಂದ ಆರೋಗ್ಯದ ಮೇಲೆ ಗಂಭೀರ ದುಷ್ಪರಿಣಾಮ ಉಂಟಾಗುತ್ತದೆ. ಯುವಜನತೆ ದುಶ್ಚಟಗಳಿಂದ ದೂರವಿರಬೇಕು ಎಂದರು. ಮುಖ್ಯೋಪಾಧ್ಯಾಯರು ಸೇರಿದಂತೆ ಶಿಕ್ಷಕರು, ವಿದ್ಯಾರ್ಥಿಗಳು ಪಾಲ್ಗೊಂಡಿದ್ದರು.
ನೂತನ ಶಾಲಾ ಕೊಠಡಿ ಉದ್ಘಾಟನೆ
ಯಮಕನಮರಡಿ: ಯಮಕನಮರಡಿ ವಿಧಾನಸಭಾ ಕ್ಷೇತ್ರದ ಗುರುಸಿದ್ದ ಗ್ರಾಮದಲ್ಲಿ ಸರ್ಕಾರಿ ಹಿರಿಯ ಪ್ರಾಥಮಿಕ ಶಾಲೆಯ ನೂತನ ಕೊಠಡಿಗಳನ್ನು ಸಚಿವ ಸತೀಶ ಜಾರಕಿಹೊಳಿ ಉದ್ಘಾಟಿಸಿದರು. ನಂತರ ಮಾತನಾಡಿದ ಅವರು, ಕ್ಷೇತ್ರದ ಪ್ರತಿಯೊಂದು ವಿದ್ಯಾರ್ಥಿಗೂ ಗುಣಮಟ್ಟದ ಶಿಕ್ಷಣ ದೊರೆಯಬೇಕು ಎನ್ನುವುದು ನಮ್ಮ ಉದ್ದೇಶ. ಅದಕ್ಕಾಗಿ ಶಾಲೆಗಳಿಗೆ ಮೂಲಸೌಕರ್ಯ ಒದಗಿಸಲಾಗುತ್ತಿದೆ. ಮಕ್ಕಳು ಶ್ರದ್ಧೆಯಿಂದ ಓದಿ ಉತ್ತಮ ಸಾಧನೆ ಮಾಡಬೇಕು ಎಂದು ಹೇಳಿದರು. ಈ ಸಂದರ್ಭದಲ್ಲಿ ಗ್ರಾಮದ ಮುಖಂಡರು, ಶಿಕ್ಷಕರು, ಎಸ್‌ಡಿಎಂಸಿ ಸದಸ್ಯರು, ಪಾಲಕರು ಉಪಸ್ಥಿತರಿದ್ದರು.
ಮಕ್ಕಳಿಗೆ ಉತ್ತಮ ಸಂಸ್ಕಾರ ನೀಡಿ
ಯಮಕನಮರಡಿ: ಪ್ರಸ್ತುತ ಮಕ್ಕಳಿಗೆ ಸಂಸ್ಕಾರ ನೀಡುವ ಅವಶ್ಯಕತೆ ಇದೆ ಎಂದು ಡಾ. ಎಸ್. ಕೆ. ಶಾಸಕ ಹೇಳಿದರು. ಸ್ಥಳೀಯ ವಿದ್ಯಾವರ್ಧಕ ಸಂಘದ 2025-26 ನೇ ಸಾಲಿನ ಪೂರ್ವ ಪ್ರಾಥಮಿಕ ಪ್ರಾಥಮಿಕ ಹಾಗೂ ಪ್ರೌಢ ಶಾಲೆಗಳ ವಾರ್ಷಿಕ ಸ್ನೇಹ ಸಮ್ಮೇಳನದಲ್ಲಿ ಮಾತನಾಡಿದ ಅವರು, ಮಕ್ಕಳ ಬೆಳವಣಿಗೆಯಲ್ಲಿ ಪಾಲಕರ ಪಾತ್ರ ಮಹತ್ವದ್ದು. ಶಿಕ್ಷಣದ ಜೊತೆಗೆ ಸಂಸ್ಕಾರ ನೀಡುವ ಕೆಲಸ ನಡೆಯಬೇಕು ಎಂದರು. ಸಂಘದ ಅಧ್ಯಕ್ಷರು, ಪದಾಧಿಕಾರಿಗಳು, ಶಿಕ್ಷಕರು, ವಿದ್ಯಾರ್ಥಿಗಳು ಹಾಗೂ ಪಾಲಕರು ಪಾಲ್ಗೊಂಡಿದ್ದರು. ವಿದ್ಯಾರ್ಥಿಗಳಿಂದ ಸಾಂಸ್ಕೃತಿಕ ಕಾರ್ಯಕ್ರಮಗಳು ಜರುಗಿದವು.
